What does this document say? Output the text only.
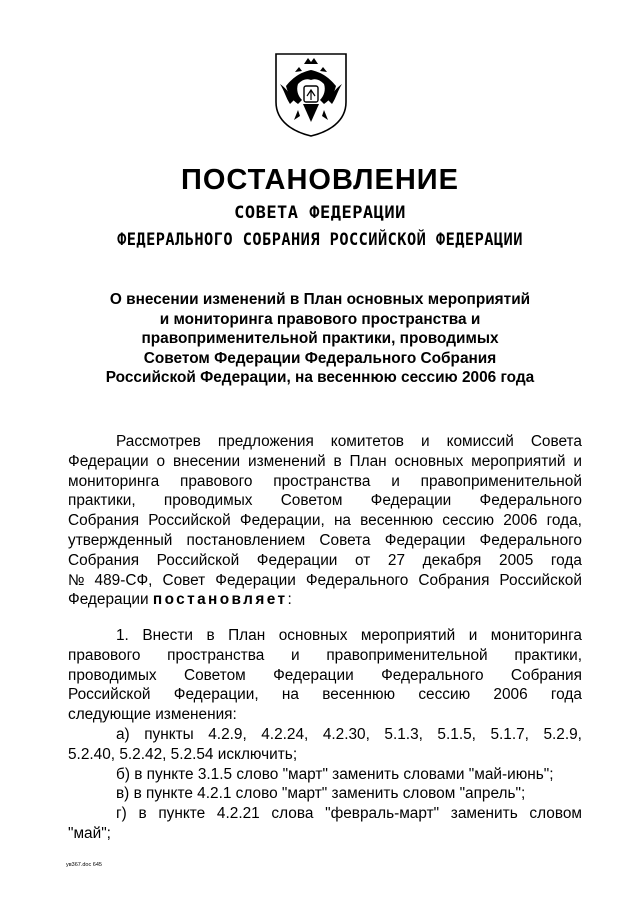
ПОСТАНОВЛЕНИЕ
СОВЕТА ФЕДЕРАЦИИ
ФЕДЕРАЛЬНОГО СОБРАНИЯ РОССИЙСКОЙ ФЕДЕРАЦИИ
О внесении изменений в План основных мероприятий
и мониторинга правового пространства и
правоприменительной практики, проводимых
Советом Федерации Федерального Собрания
Российской Федерации, на весеннюю сессию 2006 года
Рассмотрев предложения комитетов и комиссий Совета
Федерации о внесении изменений в План основных мероприятий и
мониторинга правового пространства и правоприменительной
практики, проводимых Советом Федерации Федерального
Собрания Российской Федерации, на весеннюю сессию 2006 года,
утвержденный постановлением Совета Федерации Федерального
Собрания Российской Федерации от 27 декабря 2005 года
№ 489-СФ, Совет Федерации Федерального Собрания Российской
Федерации постановляет :
1. Внести в План основных мероприятий и мониторинга
правового пространства и правоприменительной практики,
проводимых Советом Федерации Федерального Собрания
Российской Федерации, на весеннюю сессию 2006 года
следующие изменения:
а) пункты 4.2.9, 4.2.24, 4.2.30, 5.1.3, 5.1.5, 5.1.7, 5.2.9,
5.2.40, 5.2.42, 5.2.54 исключить;
б) в пункте 3.1.5 слово "март" заменить словами "май-июнь";
в) в пункте 4.2.1 слово "март" заменить словом "апрель";
г) в пункте 4.2.21 слова "февраль-март" заменить словом
"май";
ув367.doc 645
